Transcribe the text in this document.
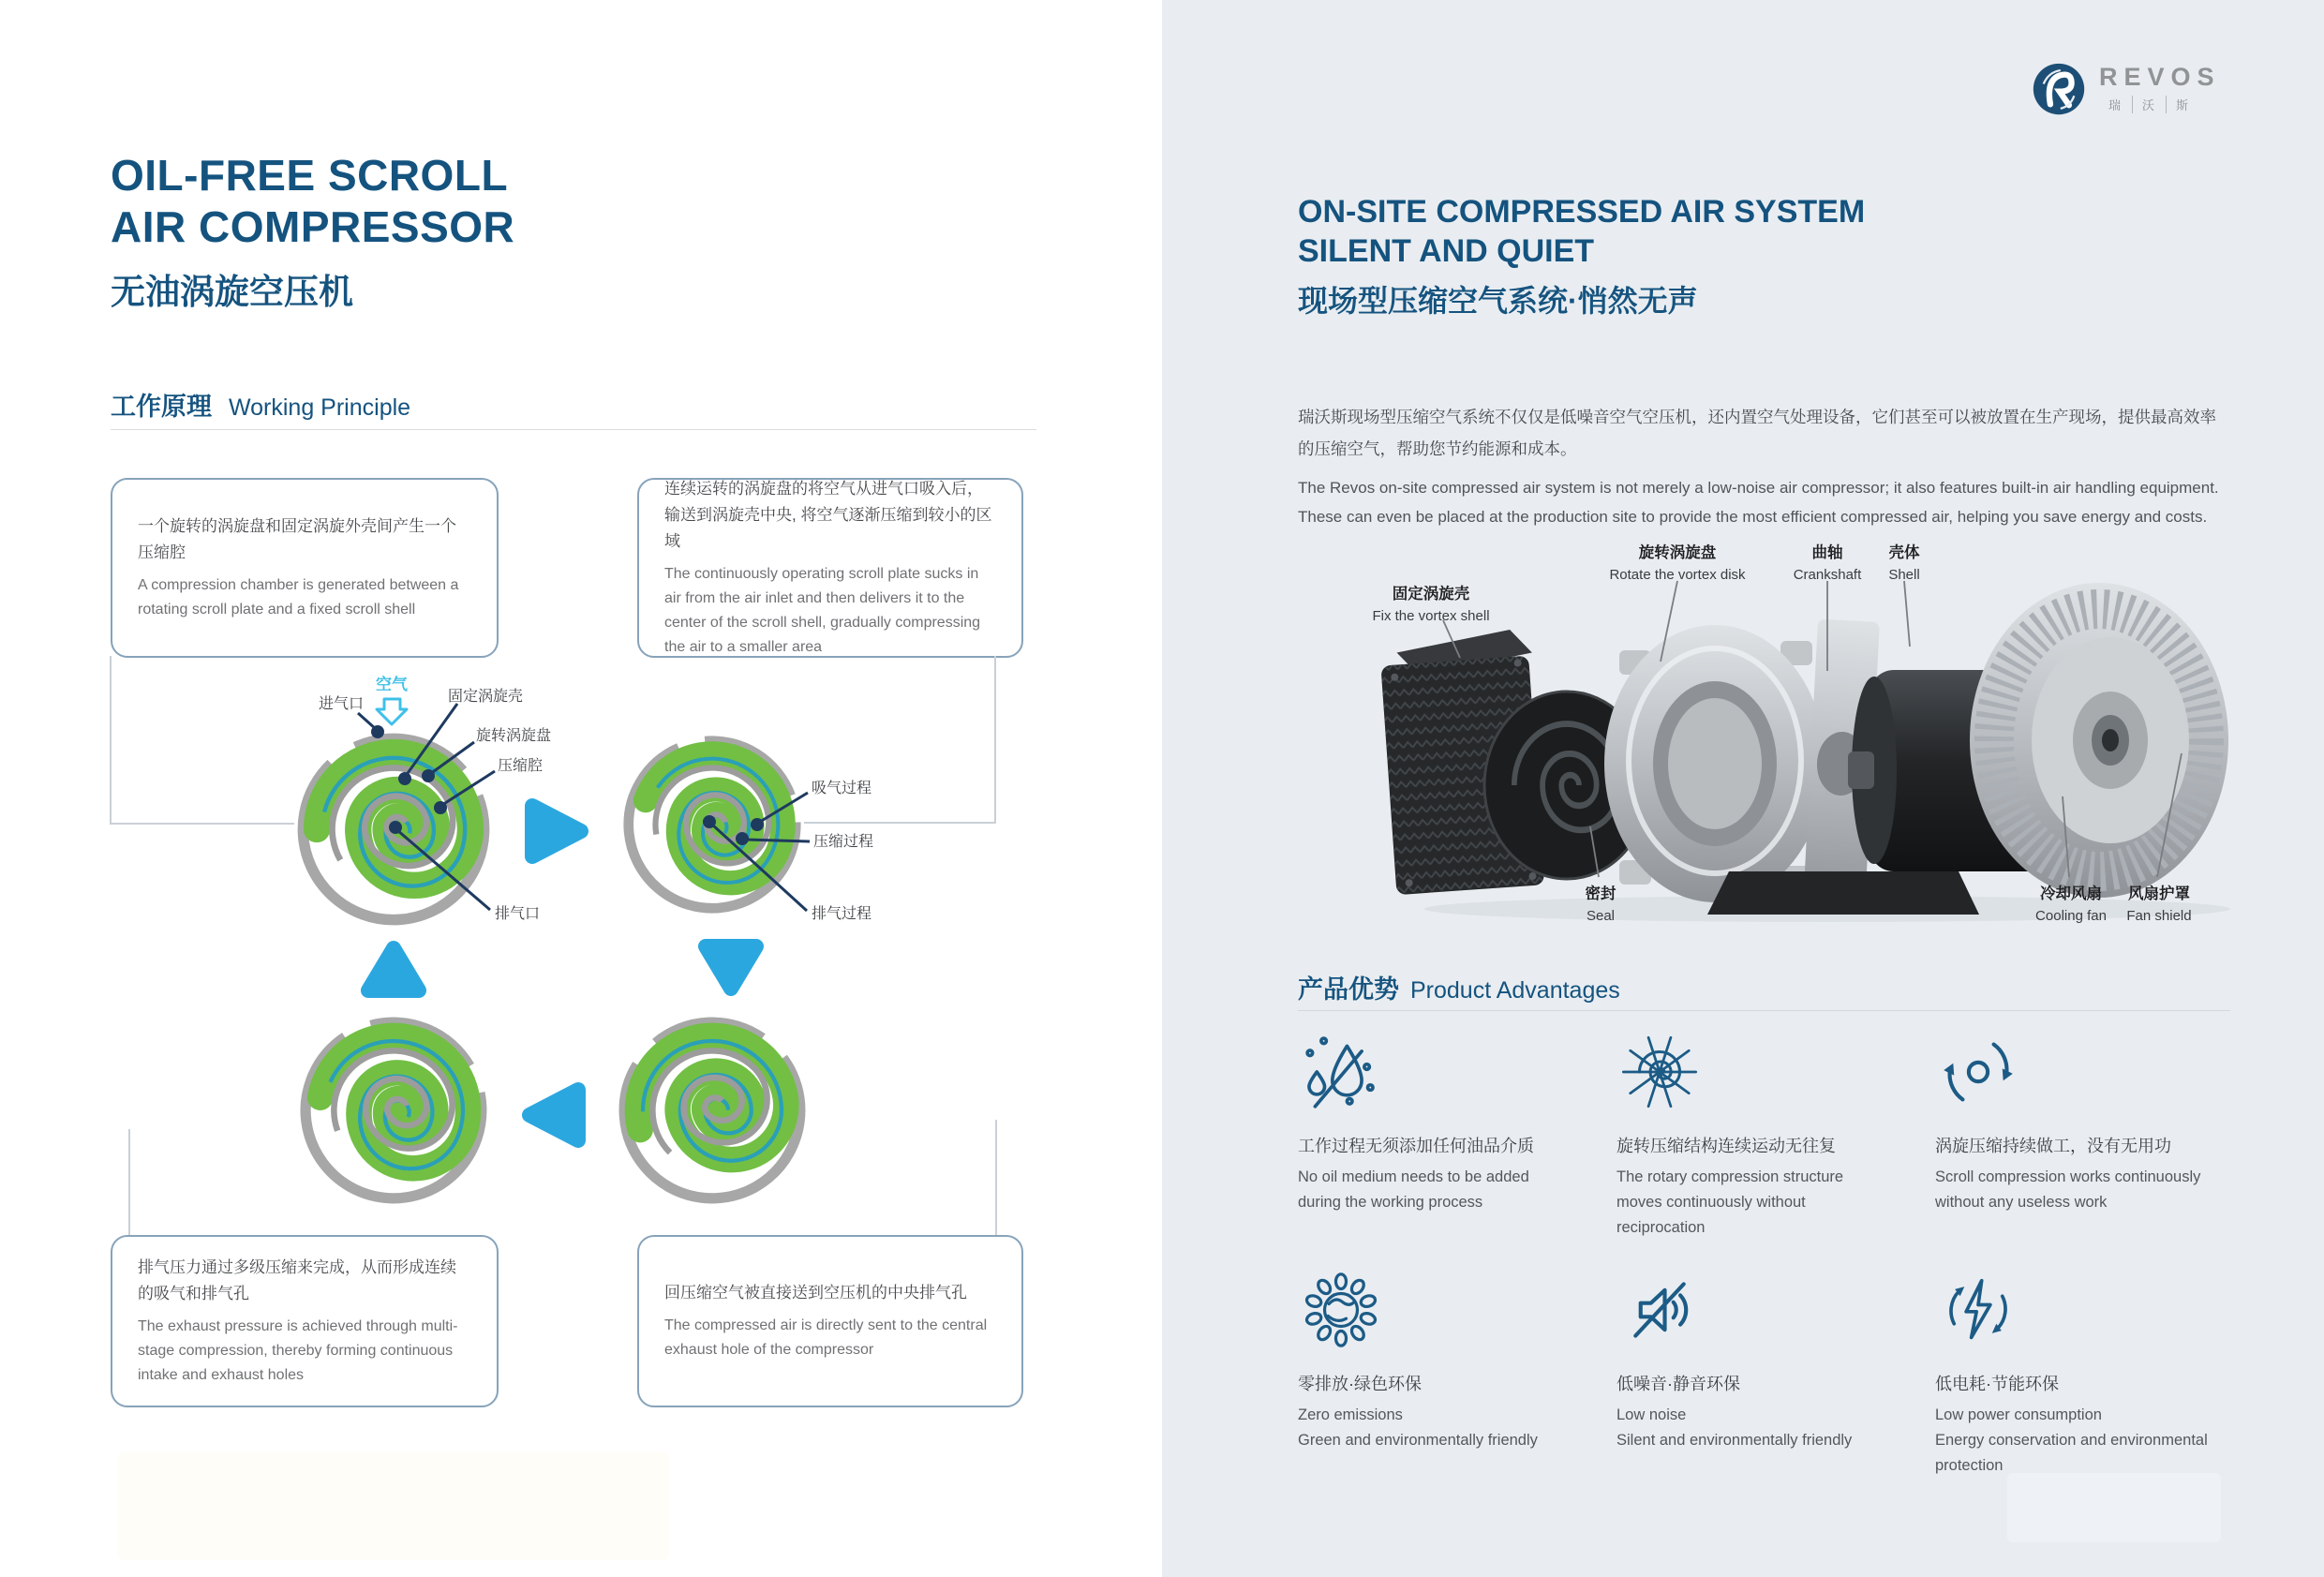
OIL-FREE SCROLL
AIR COMPRESSOR
无油涡旋空压机
工作原理 Working Principle

一个旋转的涡旋盘和固定涡旋外壳间产生一个压缩腔

A compression chamber is generated between a rotating scroll plate and a fixed scroll shell

连续运转的涡旋盘的将空气从进气口吸入后，输送到涡旋壳中央, 将空气逐渐压缩到较小的区域

The continuously operating scroll plate sucks in air from the air inlet and then delivers it to the center of the scroll shell, gradually compressing the air to a smaller area

排气压力通过多级压缩来完成，从而形成连续的吸气和排气孔

The exhaust pressure is achieved through multi-stage compression, thereby forming continuous intake and exhaust holes

回压缩空气被直接送到空压机的中央排气孔

The compressed air is directly sent to the central exhaust hole of the compressor

空气
进气口	固定涡旋壳
旋转涡旋盘
压缩腔
排气口
吸气过程
压缩过程
排气过程
REVOS
瑞	沃	斯
ON-SITE COMPRESSED AIR SYSTEM
SILENT AND QUIET
现场型压缩空气系统·悄然无声
瑞沃斯现场型压缩空气系统不仅仅是低噪音空气空压机，还内置空气处理设备，它们甚至可以被放置在生产现场，提供最高效率的压缩空气，帮助您节约能源和成本。
The Revos on-site compressed air system is not merely a low-noise air compressor; it also features built-in air handling equipment. These can even be placed at the production site to provide the most efficient compressed air, helping you save energy and costs.
固定涡旋壳
Fix the vortex shell
旋转涡旋盘
Rotate the vortex disk
曲轴
Crankshaft
壳体
Shell
密封
Seal
冷却风扇
Cooling fan
风扇护罩
Fan shield
产品优势 Product Advantages
工作过程无须添加任何油品介质
No oil medium needs to be added during the working process
旋转压缩结构连续运动无往复
The rotary compression structure moves continuously without reciprocation
涡旋压缩持续做工，没有无用功
Scroll compression works continuously without any useless work
零排放·绿色环保
Zero emissions
Green and environmentally friendly
低噪音·静音环保
Low noise
Silent and environmentally friendly
低电耗·节能环保
Low power consumption
Energy conservation and environmental protection
